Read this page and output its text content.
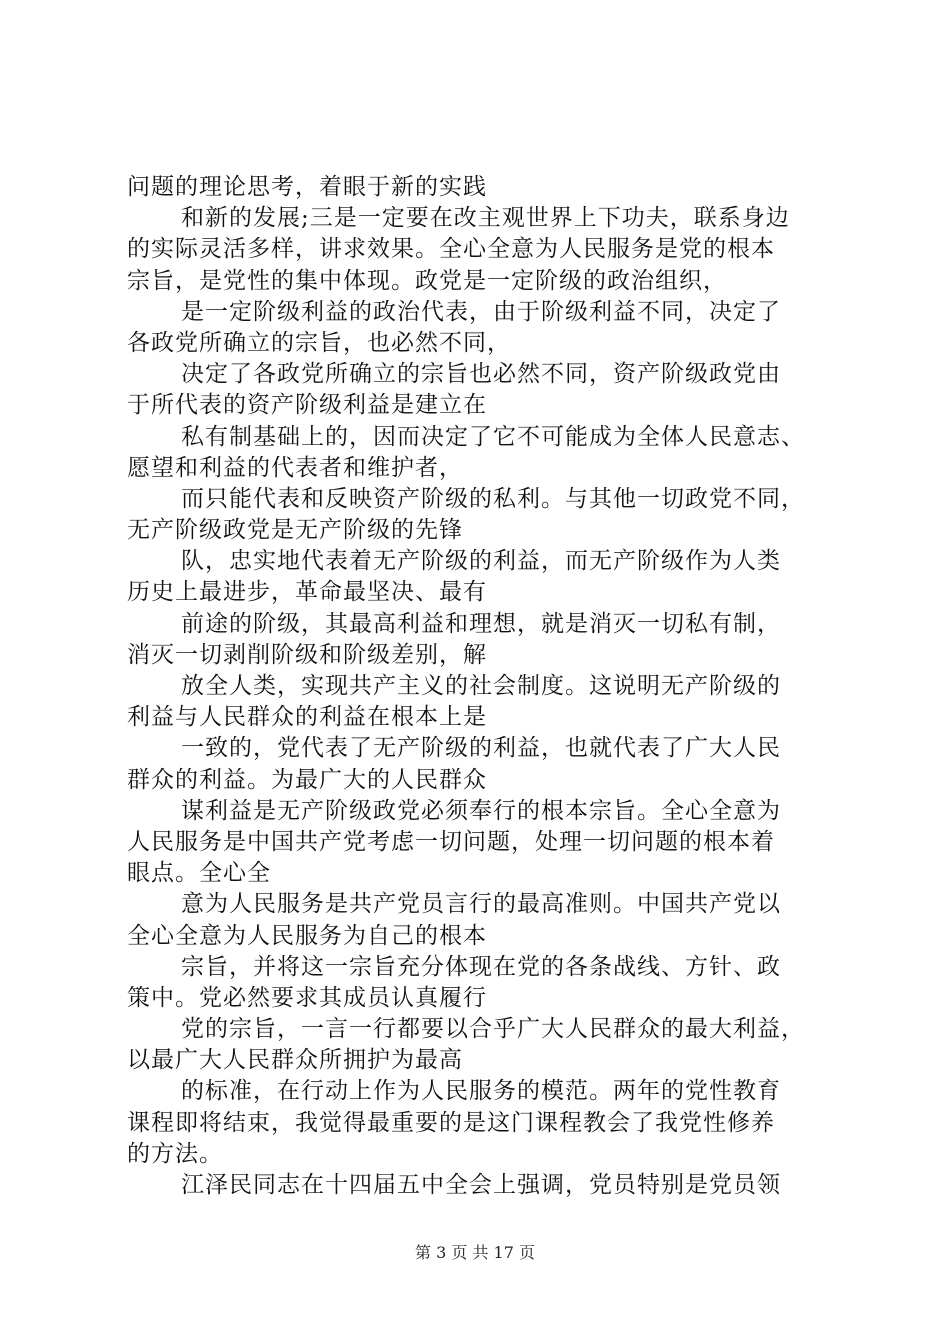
问题的理论思考，着眼于新的实践
和新的发展;三是一定要在改主观世界上下功夫，联系身边
的实际灵活多样，讲求效果。全心全意为人民服务是党的根本
宗旨，是党性的集中体现。政党是一定阶级的政治组织，
是一定阶级利益的政治代表，由于阶级利益不同，决定了
各政党所确立的宗旨，也必然不同，
决定了各政党所确立的宗旨也必然不同，资产阶级政党由
于所代表的资产阶级利益是建立在
私有制基础上的，因而决定了它不可能成为全体人民意志、
愿望和利益的代表者和维护者，
而只能代表和反映资产阶级的私利。与其他一切政党不同，
无产阶级政党是无产阶级的先锋
队，忠实地代表着无产阶级的利益，而无产阶级作为人类
历史上最进步，革命最坚决、最有
前途的阶级，其最高利益和理想，就是消灭一切私有制，
消灭一切剥削阶级和阶级差别，解
放全人类，实现共产主义的社会制度。这说明无产阶级的
利益与人民群众的利益在根本上是
一致的，党代表了无产阶级的利益，也就代表了广大人民
群众的利益。为最广大的人民群众
谋利益是无产阶级政党必须奉行的根本宗旨。全心全意为
人民服务是中国共产党考虑一切问题，处理一切问题的根本着
眼点。全心全
意为人民服务是共产党员言行的最高准则。中国共产党以
全心全意为人民服务为自己的根本
宗旨，并将这一宗旨充分体现在党的各条战线、方针、政
策中。党必然要求其成员认真履行
党的宗旨，一言一行都要以合乎广大人民群众的最大利益，
以最广大人民群众所拥护为最高
的标准，在行动上作为人民服务的模范。两年的党性教育
课程即将结束，我觉得最重要的是这门课程教会了我党性修养
的方法。
江泽民同志在十四届五中全会上强调，党员特别是党员领
第 3 页 共 17 页
